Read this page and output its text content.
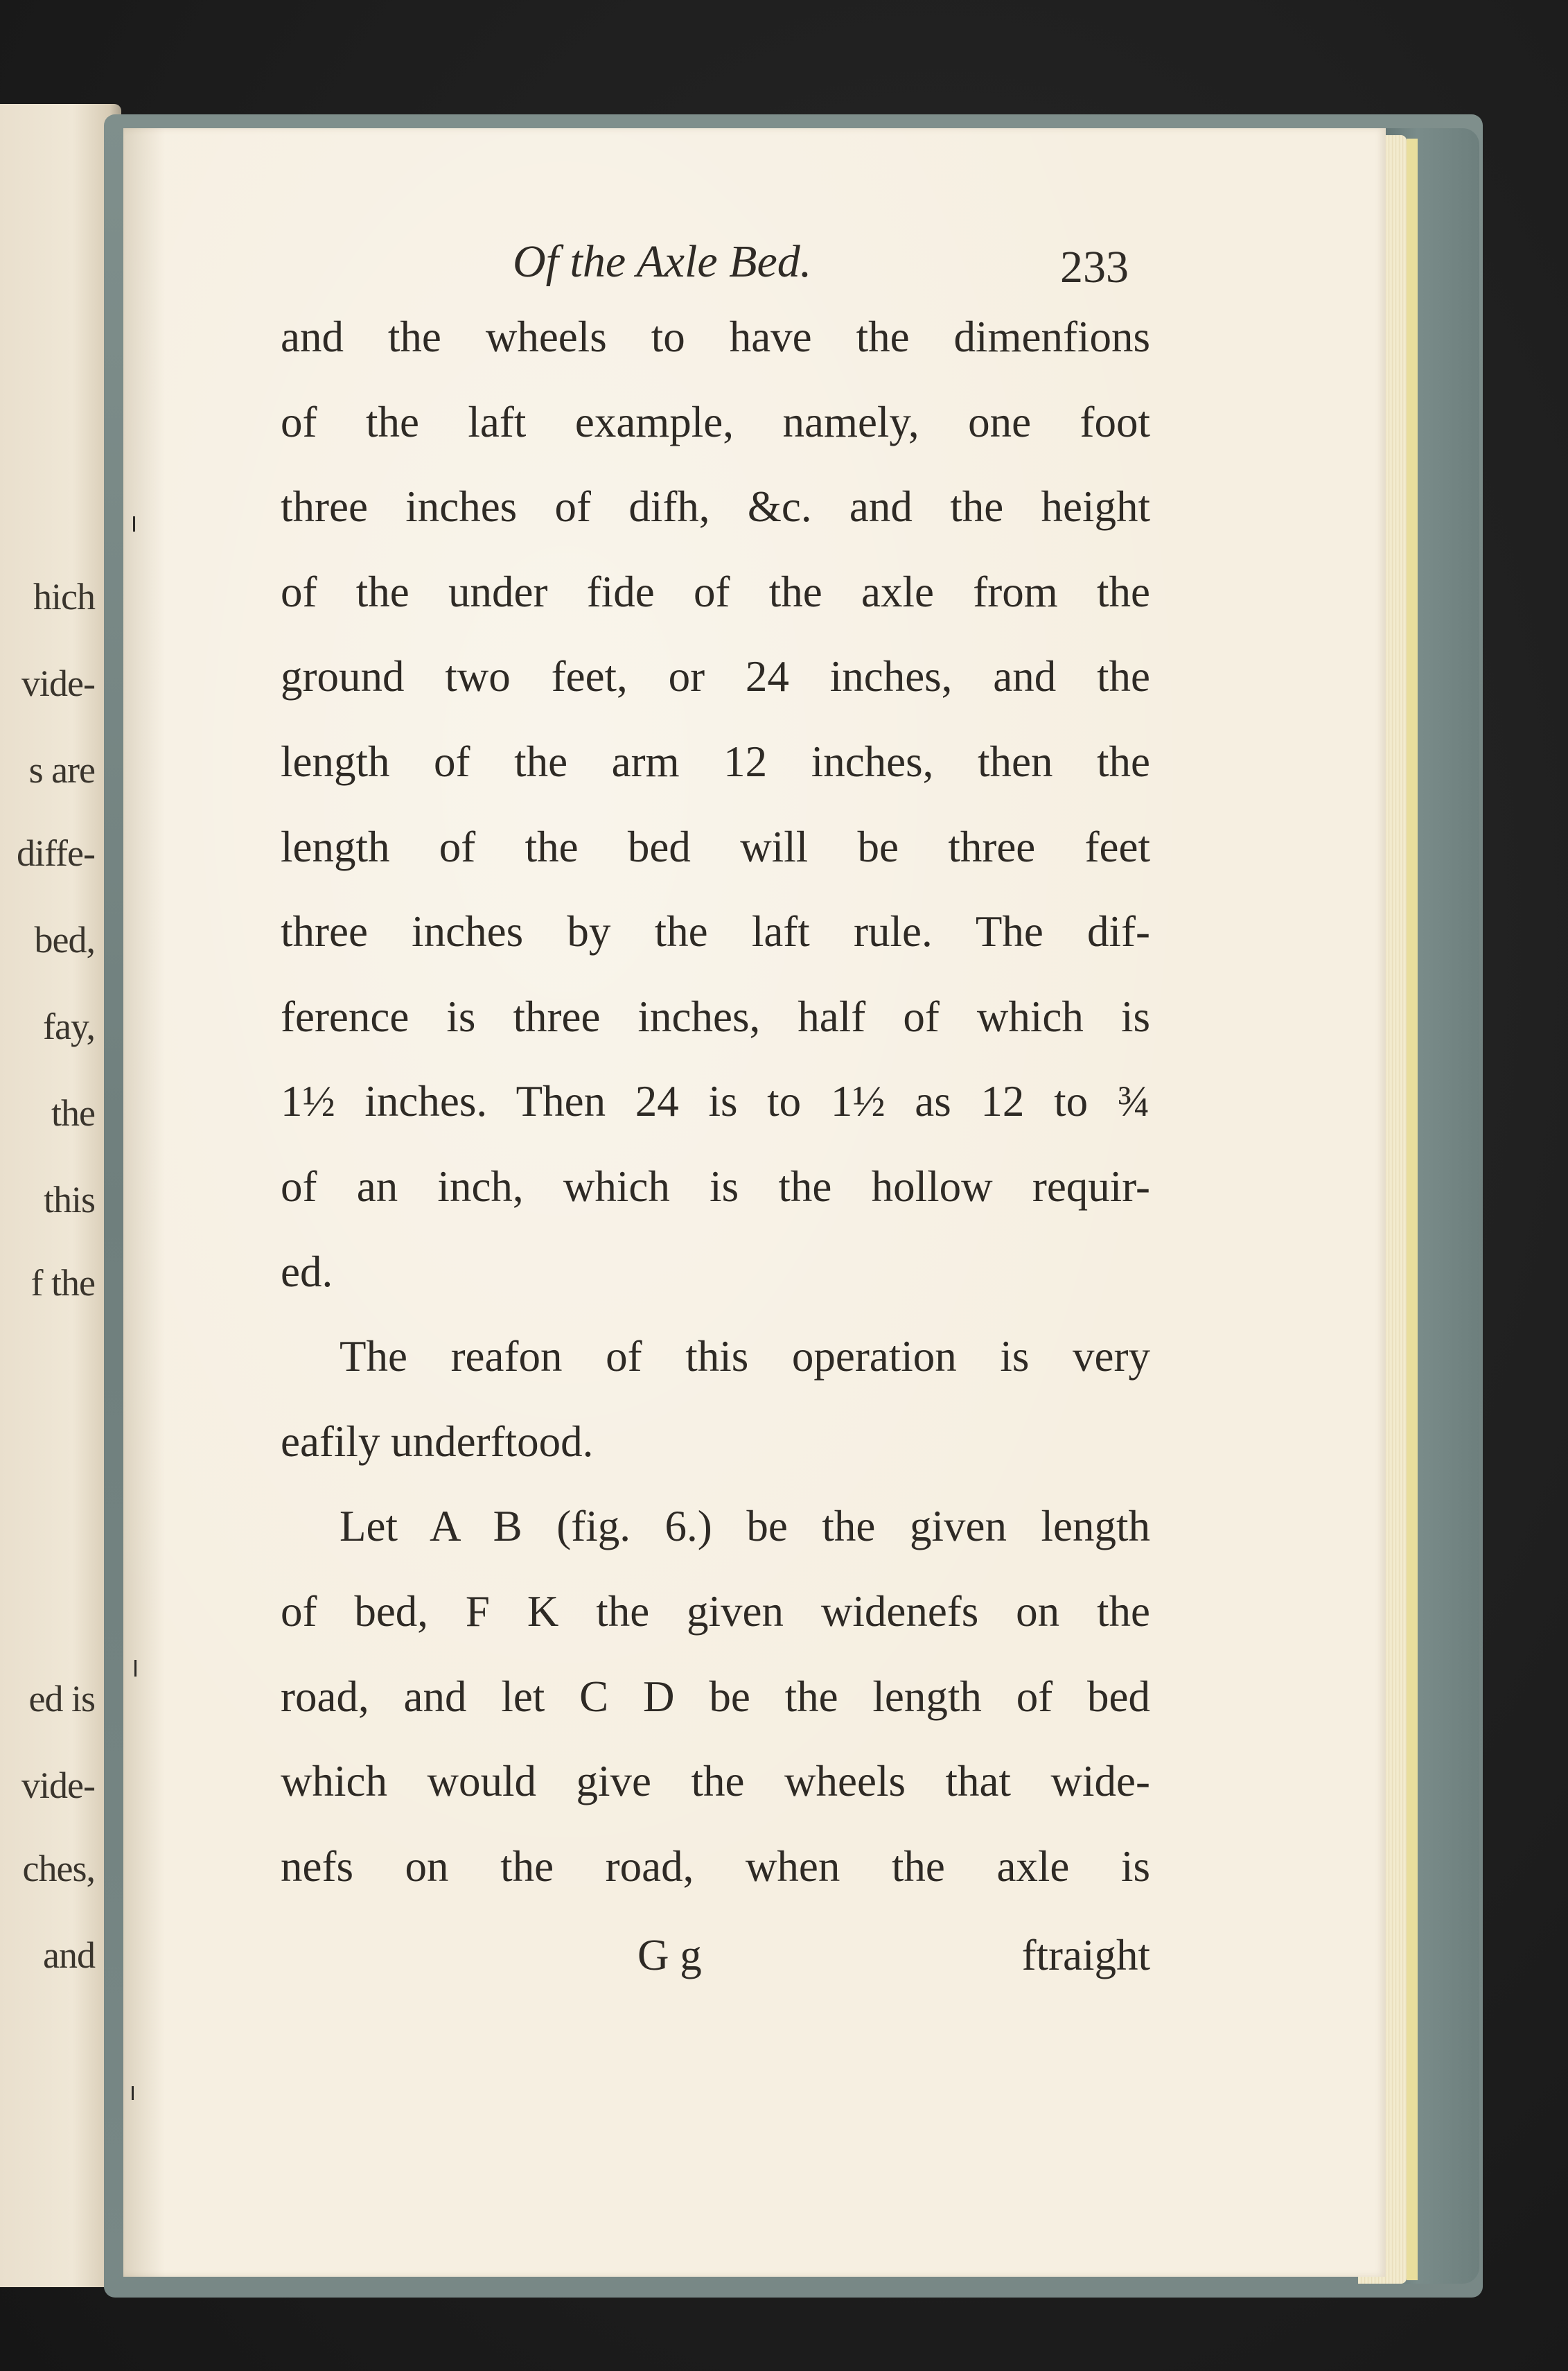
hich
vide-
s are
diffe-
bed,
fay,
the
this
f the
ed is
vide-
ches,
and
Of the Axle Bed.	233
and the wheels to have the dimenfions
of the laft example, namely, one foot
three inches of difh, &c. and the height
of the under fide of the axle from the
ground two feet, or 24 inches, and the
length of the arm 12 inches, then the
length of the bed will be three feet
three inches by the laft rule. The dif-
ference is three inches, half of which is
1½ inches. Then 24 is to 1½ as 12 to ¾
of an inch, which is the hollow requir-
ed.
The reafon of this operation is very
eafily underftood.
Let A B (fig. 6.) be the given length
of bed, F K the given widenefs on the
road, and let C D be the length of bed
which would give the wheels that wide-
nefs on the road, when the axle is
G g	ftraight
